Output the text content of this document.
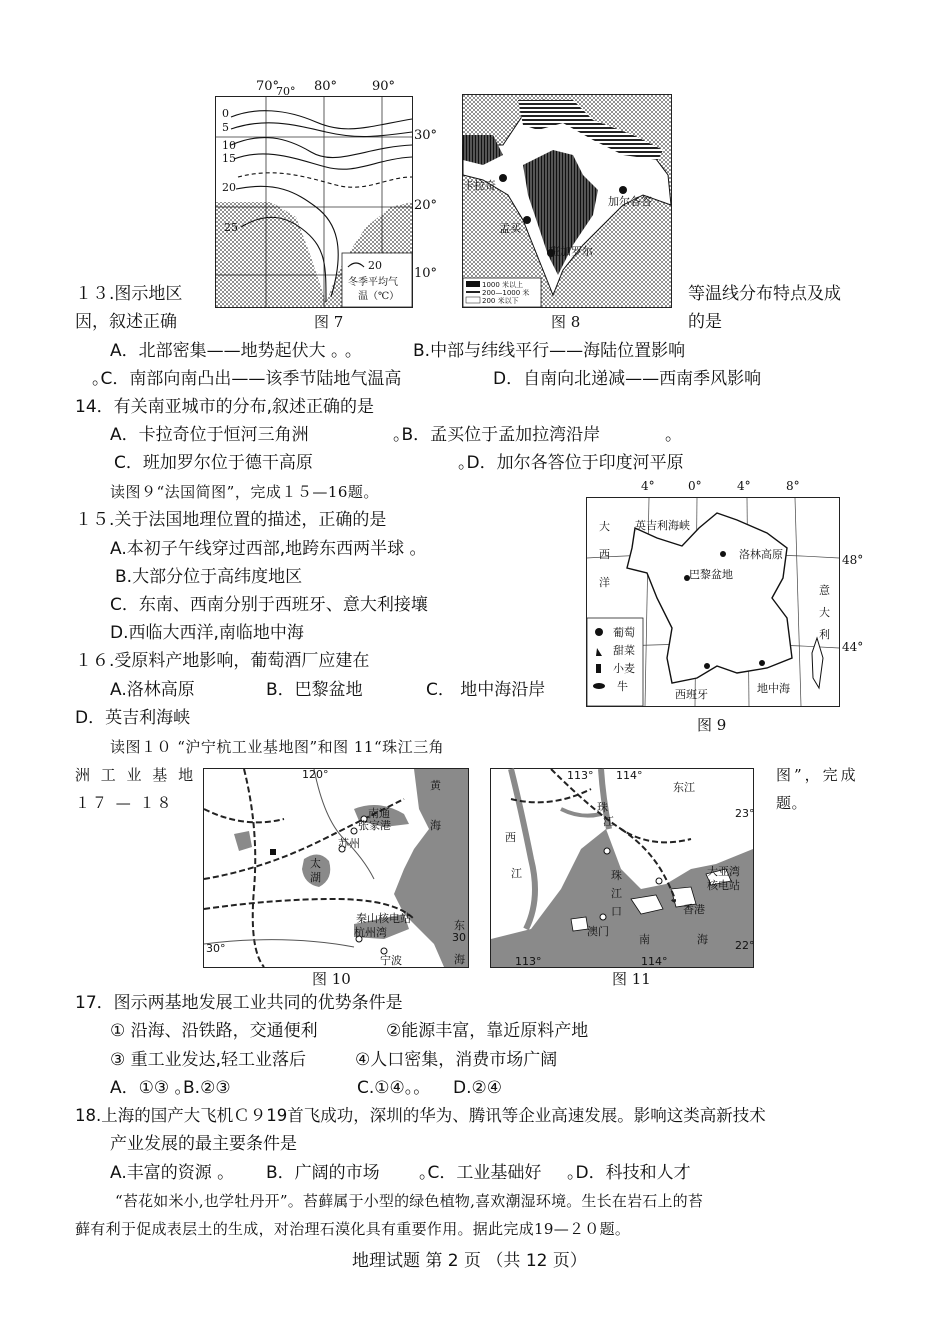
70°
0
5
10
15
20
25
20
冬季平均气
温（℃）
70°	80°	90°
30°
20°
10°
图 7
卡拉奇
孟买
班加罗尔
加尔各答
1000 米以上
200—1000 米
200 米以下
图 8
１３.图示地区	等温线分布特点及成
因，叙述正确	的是
A．北部密集——地势起伏大 ｡ ｡	B.中部与纬线平行——海陆位置影响
｡C．南部向南凸出——该季节陆地气温高	D．自南向北递减——西南季风影响
14．有关南亚城市的分布,叙述正确的是
A．卡拉奇位于恒河三角洲	｡B．孟买位于孟加拉湾沿岸	｡
C．班加罗尔位于德干高原	｡D．加尔各答位于印度河平原
读图９“法国简图”，完成１５—16题。	4°	0°	4°	8°
大
西
洋
英吉利海峡
洛林高原
巴黎盆地
意
大
利
西班牙	地中海
葡萄
甜菜
小麦
牛
48°
44°
图 9
１５.关于法国地理位置的描述，正确的是
A.本初子午线穿过西部,地跨东西两半球 ｡
B.大部分位于高纬度地区
C．东南、西南分别于西班牙、意大利接壤
D.西临大西洋,南临地中海
１６.受原料产地影响，葡萄酒厂应建在
A.洛林高原	B．巴黎盆地	C． 地中海沿岸
D．英吉利海峡
读图１０ “沪宁杭工业基地图”和图 11“珠江三角
洲 工 业 基 地	图”，完成
１７ — １８	题。
120°
黄
海
南通
张家港
苏州
太
湖
秦山核电站
杭州湾
宁波
30°
30
东
海
图 10
113° 114°
东江
珠
江
西
江
23°
珠
江
口
大亚湾
核电站
香港
澳门
南	海 22°
113°	114°
图 11
17．图示两基地发展工业共同的优势条件是
① 沿海、沿铁路，交通便利	②能源丰富，靠近原料产地
③ 重工业发达,轻工业落后	④人口密集，消费市场广阔
A．①③ ｡B.②③	C.①④｡｡ D.②④
18.上海的国产大飞机Ｃ９19首飞成功，深圳的华为、腾讯等企业高速发展。影响这类高新技术
产业发展的最主要条件是
A.丰富的资源 ｡ B．广阔的市场 ｡C．工业基础好 ｡D．科技和人才
“苔花如米小,也学牡丹开”。苔藓属于小型的绿色植物,喜欢潮湿环境。生长在岩石上的苔
藓有利于促成表层土的生成，对治理石漠化具有重要作用。据此完成19—２０题。
地理试题 第 2 页 （共 12 页）
